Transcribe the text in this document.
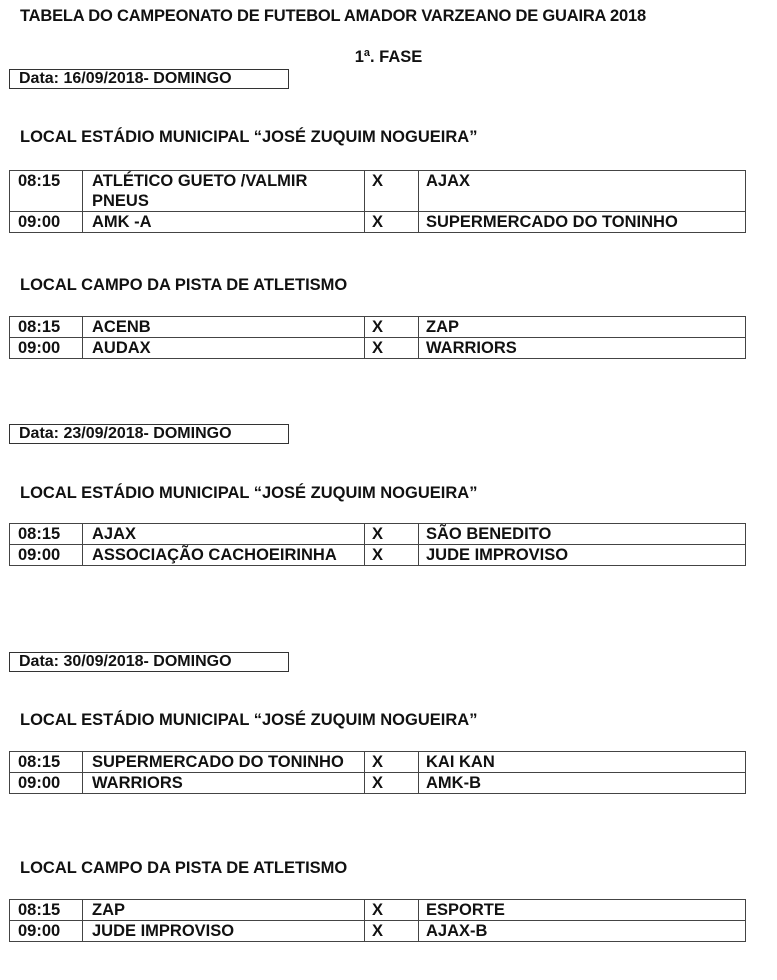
TABELA DO CAMPEONATO DE FUTEBOL AMADOR VARZEANO DE GUAIRA 2018
1ª. FASE
Data: 16/09/2018- DOMINGO
LOCAL ESTÁDIO MUNICIPAL “JOSÉ ZUQUIM NOGUEIRA”
08:15	ATLÉTICO GUETO /VALMIR PNEUS	X	AJAX
09:00	AMK -A	X	SUPERMERCADO DO TONINHO
LOCAL CAMPO DA PISTA DE ATLETISMO
08:15	ACENB	X	ZAP
09:00	AUDAX	X	WARRIORS
Data: 23/09/2018- DOMINGO
LOCAL ESTÁDIO MUNICIPAL “JOSÉ ZUQUIM NOGUEIRA”
08:15	AJAX	X	SÃO BENEDITO
09:00	ASSOCIAÇÃO CACHOEIRINHA	X	JUDE IMPROVISO
Data: 30/09/2018- DOMINGO
LOCAL ESTÁDIO MUNICIPAL “JOSÉ ZUQUIM NOGUEIRA”
08:15	SUPERMERCADO DO TONINHO	X	KAI KAN
09:00	WARRIORS	X	AMK-B
LOCAL CAMPO DA PISTA DE ATLETISMO
08:15	ZAP	X	ESPORTE
09:00	JUDE IMPROVISO	X	AJAX-B
